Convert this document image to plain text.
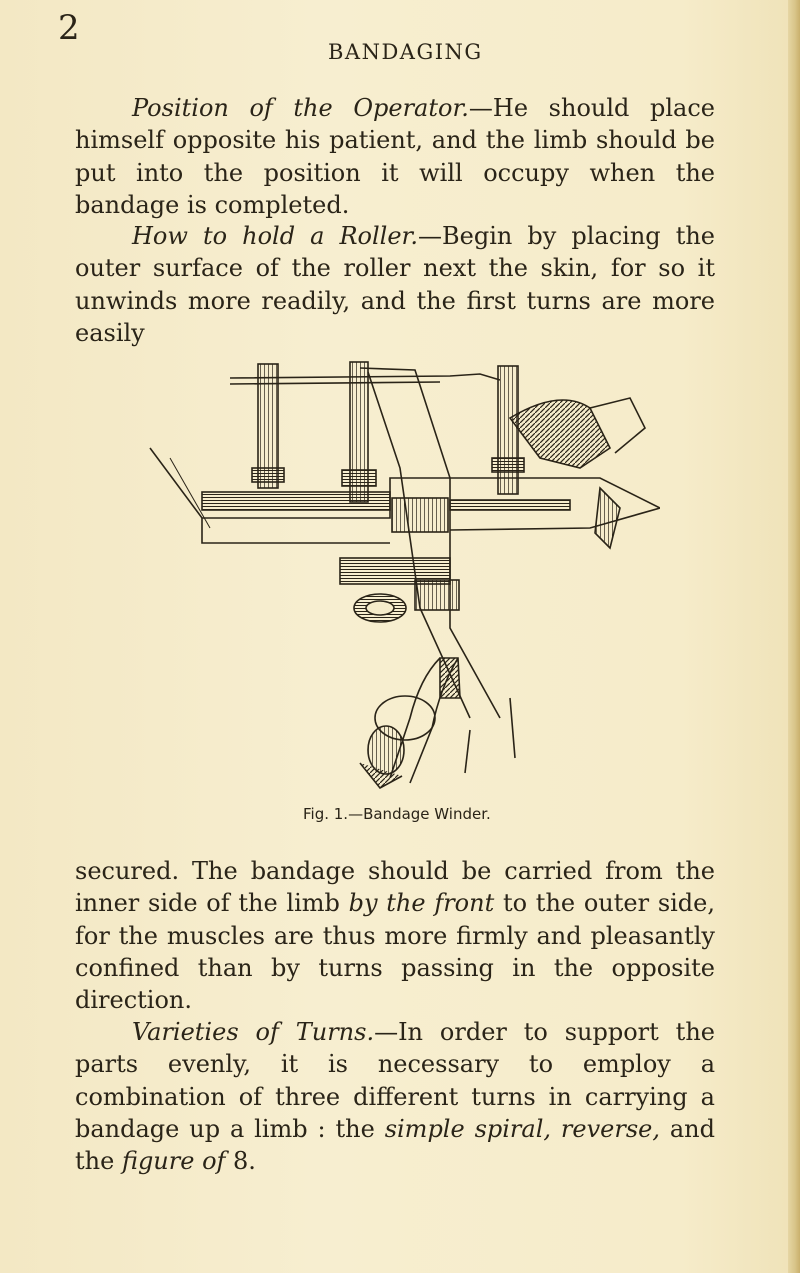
2

BANDAGING

Position of the Operator.—He should place himself opposite his patient, and the limb should be put into the position it will occupy when the bandage is completed.

How to hold a Roller.—Begin by placing the outer surface of the roller next the skin, for so it unwinds more readily, and the first turns are more easily

Fig. 1.—Bandage Winder.

secured. The bandage should be carried from the inner side of the limb by the front to the outer side, for the muscles are thus more firmly and pleasantly confined than by turns passing in the opposite direction.

Varieties of Turns.—In order to support the parts evenly, it is necessary to employ a combination of three different turns in carrying a bandage up a limb : the simple spiral, reverse, and the figure of 8.
